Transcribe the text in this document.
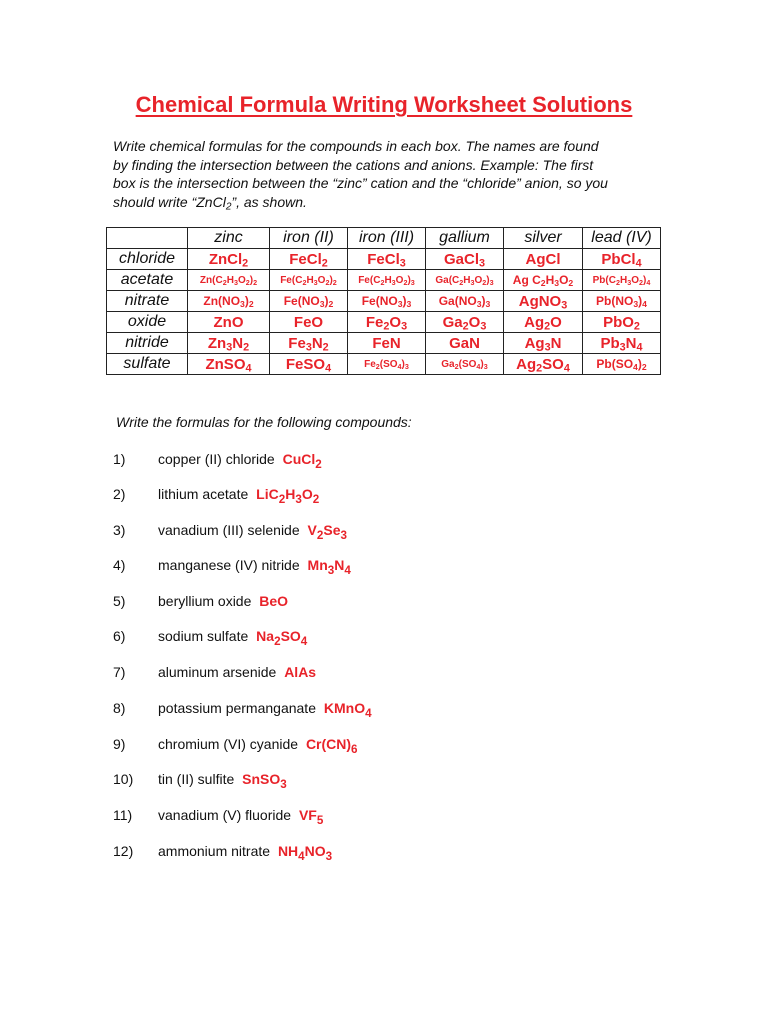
Chemical Formula Writing Worksheet Solutions
Write chemical formulas for the compounds in each box. The names are found
by finding the intersection between the cations and anions. Example: The first
box is the intersection between the “zinc” cation and the “chloride” anion, so you
should write “ZnCl$_2$”, as shown.
	zinc	iron (II)	iron (III)	gallium	silver	lead (IV)
chloride	ZnCl$_2$	FeCl$_2$	FeCl$_3$	GaCl$_3$	AgCl	PbCl$_4$
acetate	$Zn(C_2H_3O_2)_2$	$Fe(C_2H_3O_2)_2$	$Fe(C_2H_3O_2)_3$	$Ga(C_2H_3O_2)_3$	Ag $C_2H_3O_2$	$Pb(C_2H_3O_2)_4$
nitrate	$Zn(NO_3)_2$	$Fe(NO_3)_2$	$Fe(NO_3)_3$	$Ga(NO_3)_3$	AgNO$_3$	$Pb(NO_3)_4$
oxide	ZnO	FeO	$Fe_2O_3$	$Ga_2O_3$	$Ag_2O$	PbO$_2$
nitride	$Zn_3N_2$	$Fe_3N_2$	FeN	GaN	$Ag_3N$	$Pb_3N_4$
sulfate	ZnSO$_4$	FeSO$_4$	$Fe_2(SO_4)_3$	$Ga_2(SO_4)_3$	$Ag_2SO_4$	$Pb(SO_4)_2$

Write the formulas for the following compounds:

1) copper (II) chloride CuCl$_2$
2) lithium acetate $LiC_2H_3O_2$
3) vanadium (III) selenide $V_2Se_3$
4) manganese (IV) nitride $Mn_3N_4$
5) beryllium oxide BeO
6) sodium sulfate $Na_2SO_4$
7) aluminum arsenide AlAs
8) potassium permanganate KMnO$_4$
9) chromium (VI) cyanide $Cr(CN)_6$
10) tin (II) sulfite SnSO$_3$
11) vanadium (V) fluoride $VF_5$
12) ammonium nitrate $NH_4NO_3$
